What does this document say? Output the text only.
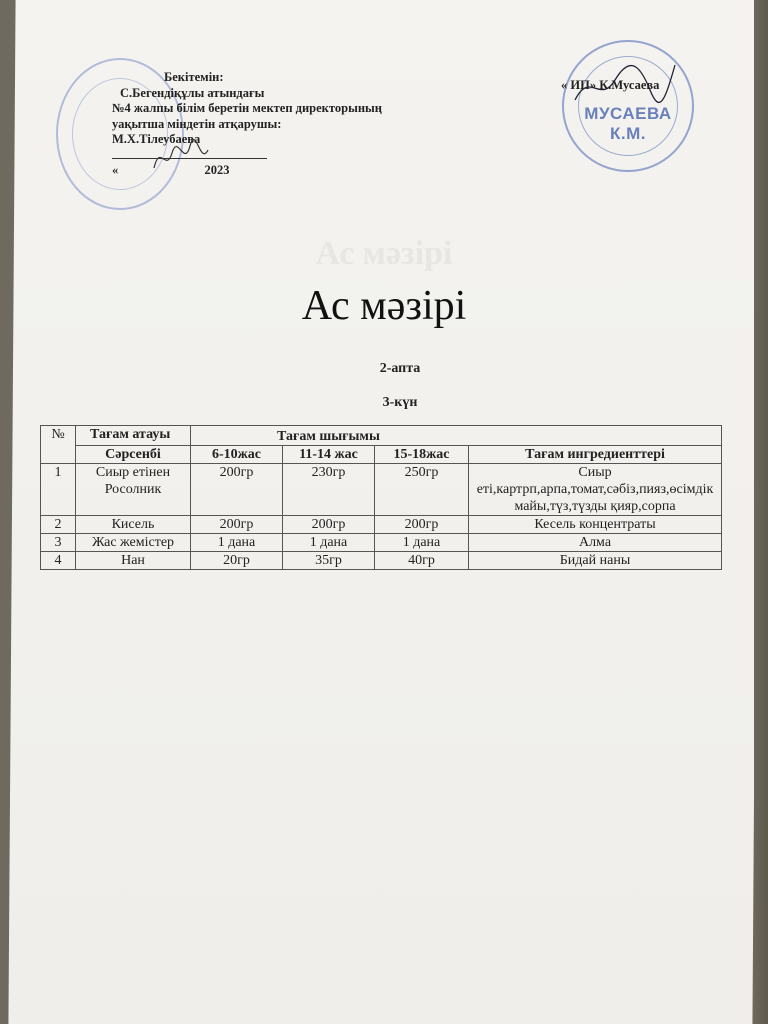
МУСАЕВА К.М.
Бекітемін:
С.Бегендіқұлы атындағы
№4 жалпы білім беретін мектеп директорының
уақытша міндетін атқарушы:
М.Х.Тілеубаева
«	2023
« ИП» К.Мусаева
Ас мәзірі
Ас мәзірі
2-апта
3-күн
№	Тағам атауы	Тағам шығымы			
	Сәрсенбі	6-10жас	11-14 жас	15-18жас	Тағам ингредиенттері
1	Сиыр етінен Росолник	200гр	230гр	250гр	Сиыр еті,картрп,арпа,томат,сәбіз,пияз,өсімдік майы,түз,түзды қияр,сорпа
2	Кисель	200гр	200гр	200гр	Кесель концентраты
3	Жас жемістер	1 дана	1 дана	1 дана	Алма
4	Нан	20гр	35гр	40гр	Бидай наны
